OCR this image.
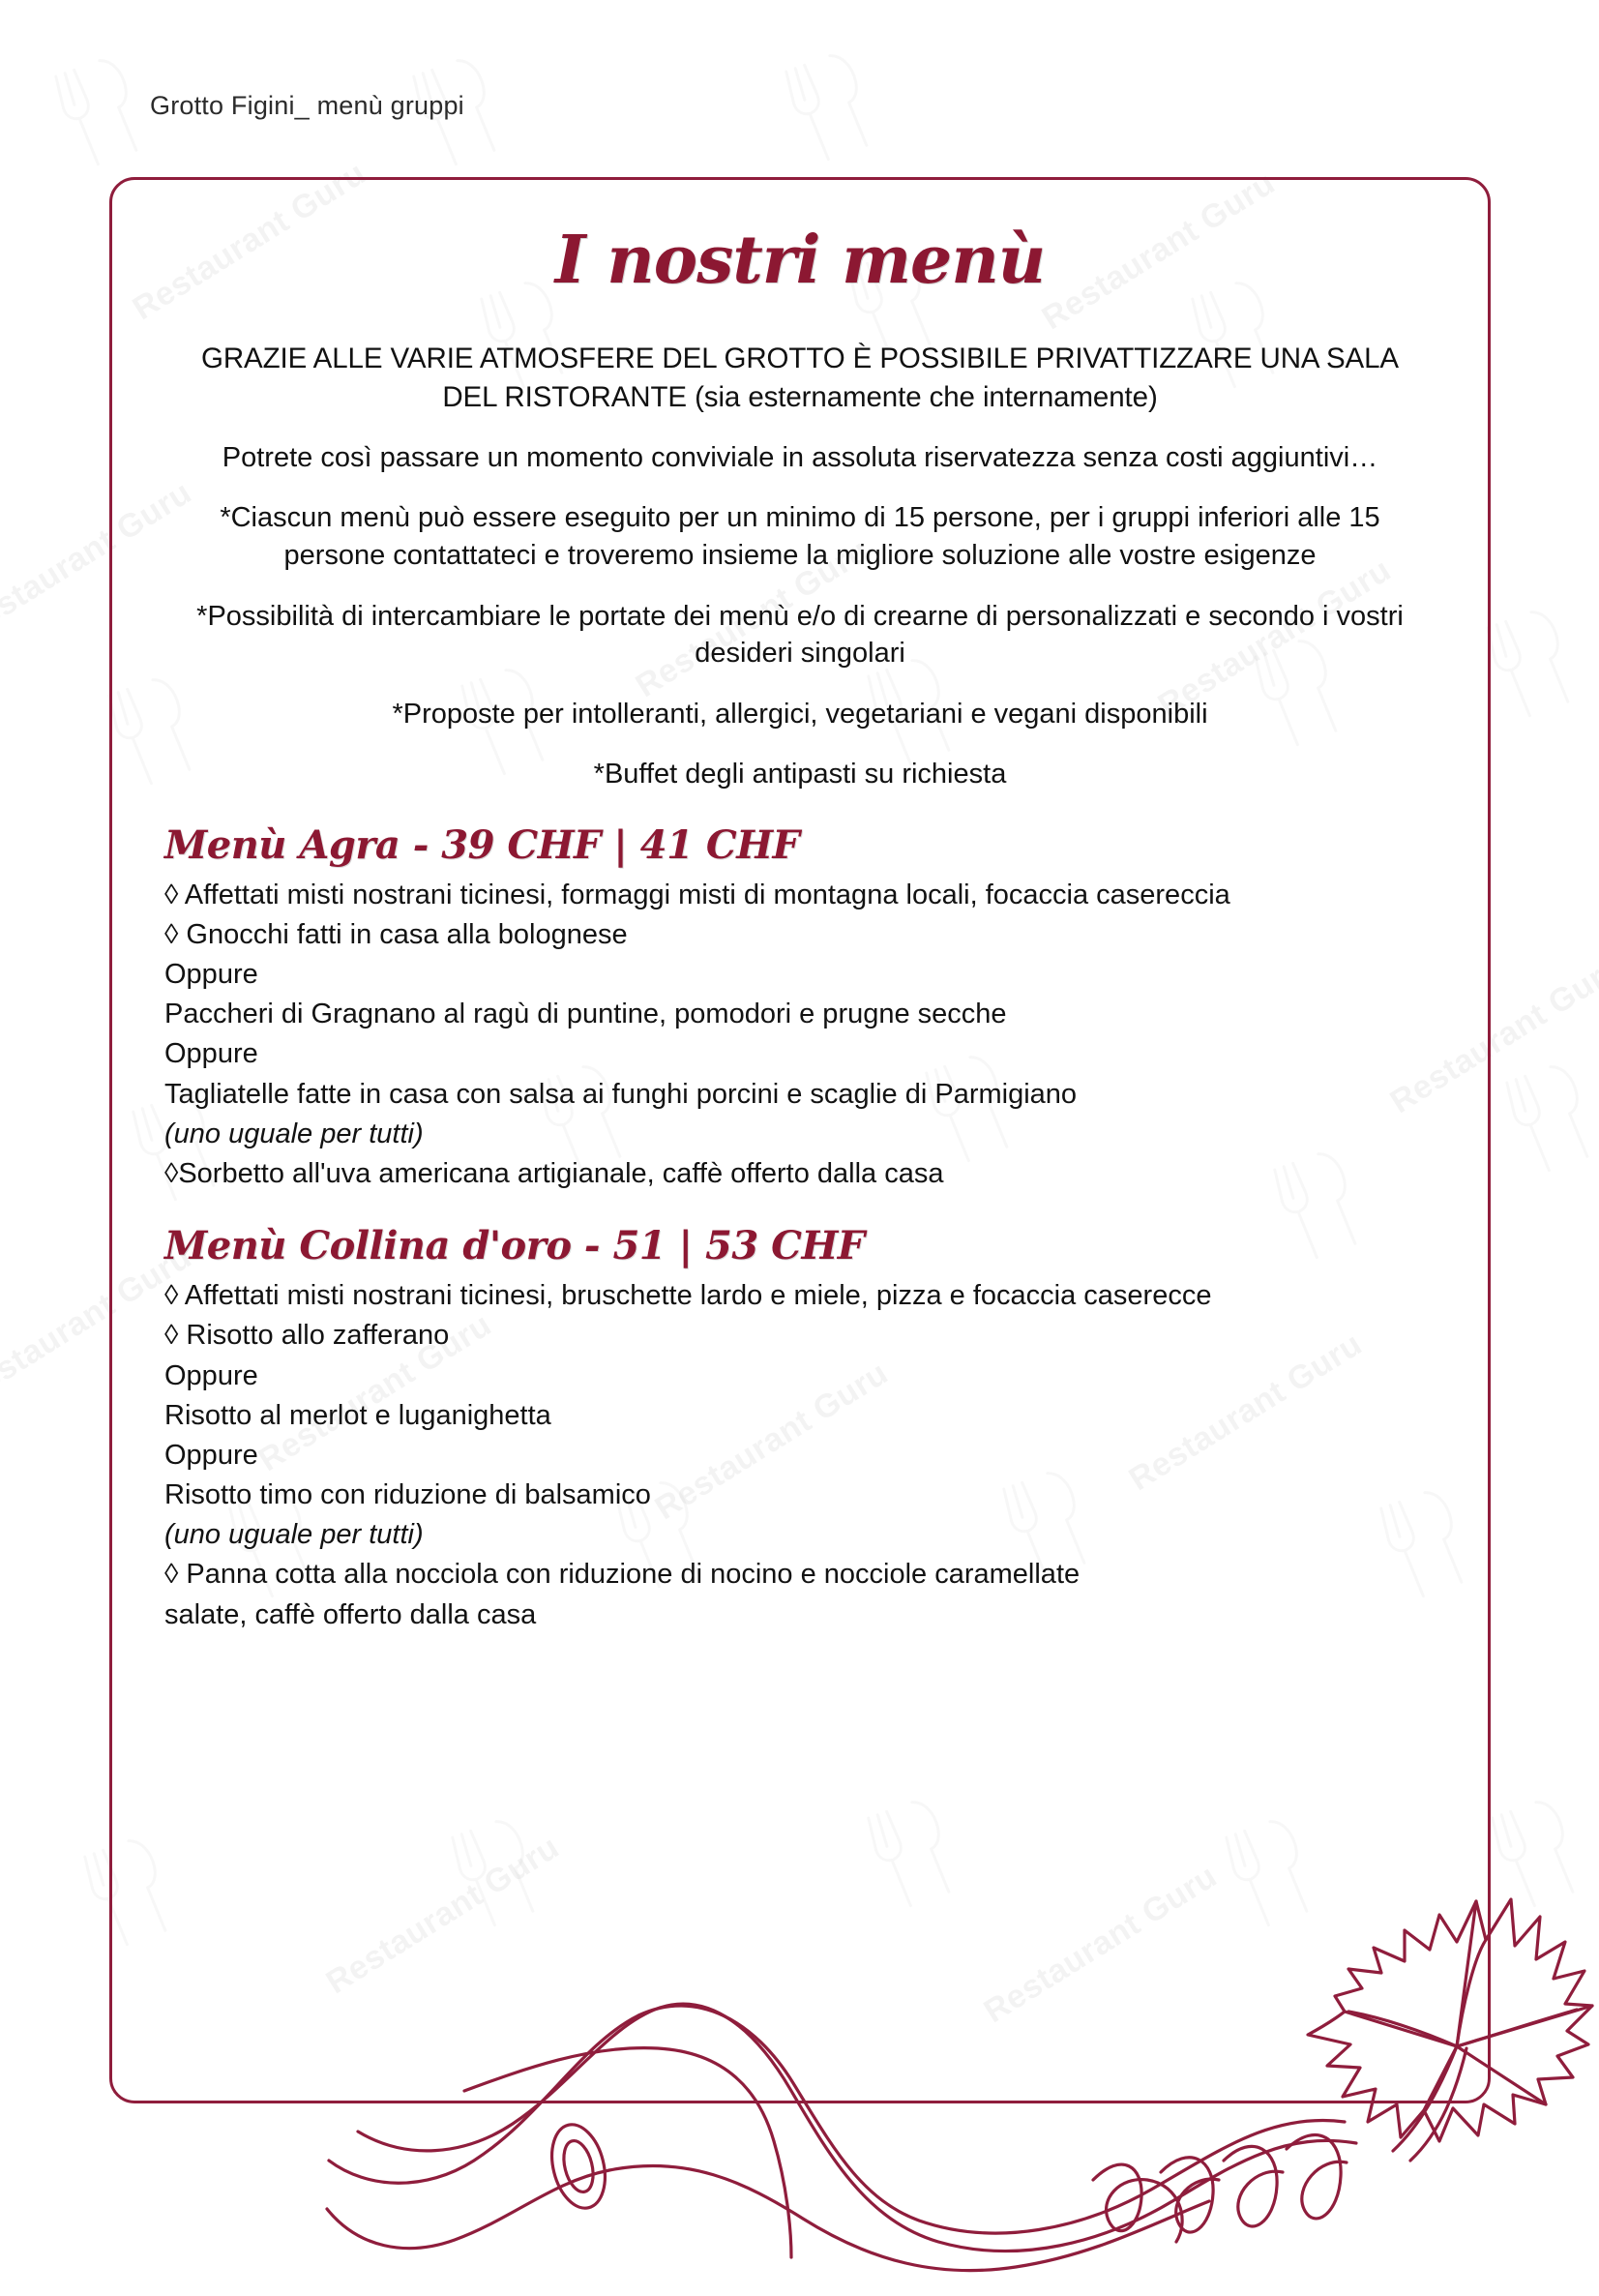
Grotto Figini_ menù gruppi
I nostri menù

GRAZIE ALLE VARIE ATMOSFERE DEL GROTTO È POSSIBILE PRIVATTIZZARE UNA SALA DEL RISTORANTE (sia esternamente che internamente)

Potrete così passare un momento conviviale in assoluta riservatezza senza costi aggiuntivi…

*Ciascun menù può essere eseguito per un minimo di 15 persone, per i gruppi inferiori alle 15 persone contattateci e troveremo insieme la migliore soluzione alle vostre esigenze

*Possibilità di intercambiare le portate dei menù e/o di crearne di personalizzati e secondo i vostri desideri singolari

*Proposte per intolleranti, allergici, vegetariani e vegani disponibili

*Buffet degli antipasti su richiesta

Menù Agra - 39 CHF | 41 CHF

◊ Affettati misti nostrani ticinesi, formaggi misti di montagna locali, focaccia casereccia

◊ Gnocchi fatti in casa alla bolognese

Oppure

Paccheri di Gragnano al ragù di puntine, pomodori e prugne secche

Oppure

Tagliatelle fatte in casa con salsa ai funghi porcini e scaglie di Parmigiano

(uno uguale per tutti)

◊Sorbetto all'uva americana artigianale, caffè offerto dalla casa

Menù Collina d'oro - 51 | 53 CHF

◊ Affettati misti nostrani ticinesi, bruschette lardo e miele, pizza e focaccia caserecce

◊ Risotto allo zafferano

Oppure

Risotto al merlot e luganighetta

Oppure

Risotto timo con riduzione di balsamico

(uno uguale per tutti)

◊ Panna cotta alla nocciola con riduzione di nocino e nocciole caramellate

salate, caffè offerto dalla casa
